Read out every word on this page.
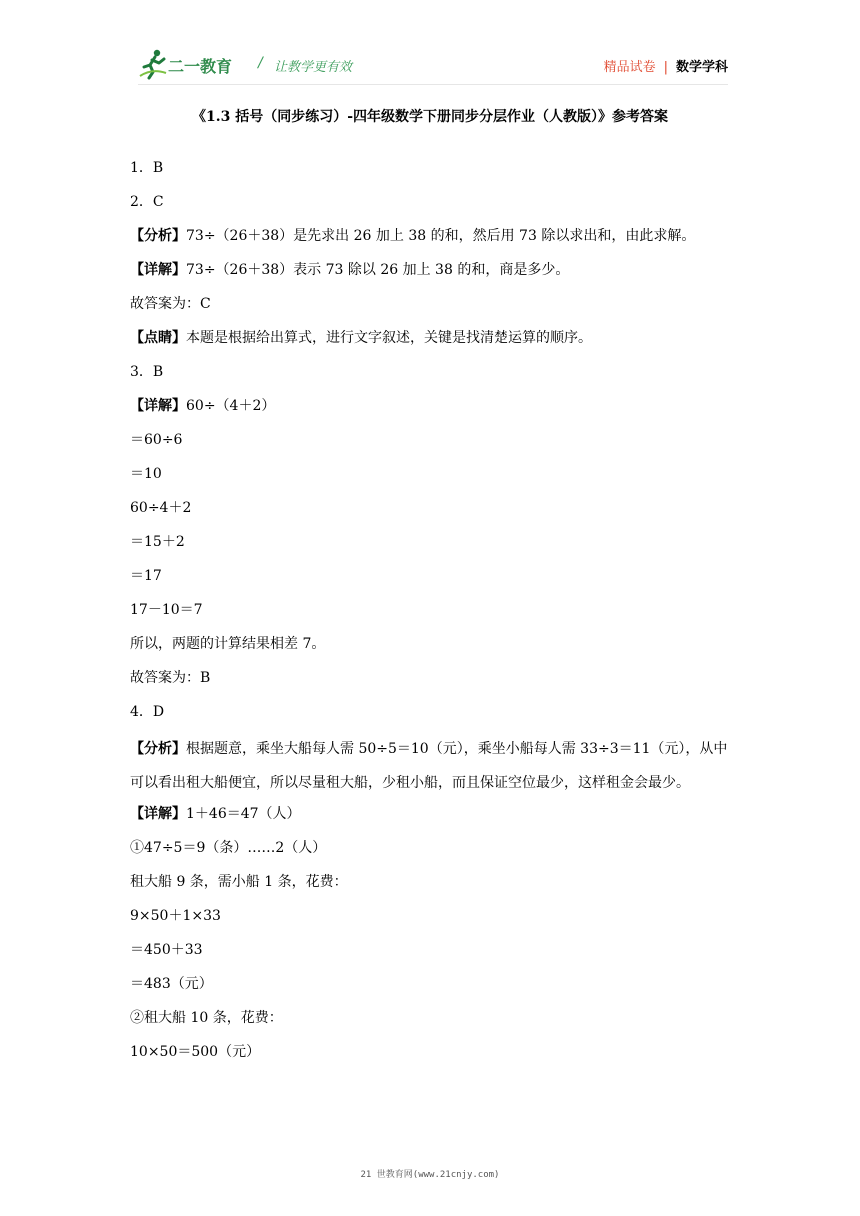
二一教育 / 让教学更有效	精品试卷 | 数学学科
《1.3 括号（同步练习）-四年级数学下册同步分层作业（人教版）》参考答案
1．B
2．C
【分析】73÷（26＋38）是先求出 26 加上 38 的和，然后用 73 除以求出和，由此求解。
【详解】73÷（26＋38）表示 73 除以 26 加上 38 的和，商是多少。
故答案为：C
【点睛】本题是根据给出算式，进行文字叙述，关键是找清楚运算的顺序。
3．B
【详解】60÷（4＋2）
＝60÷6
＝10
60÷4＋2
＝15＋2
＝17
17－10＝7
所以，两题的计算结果相差 7。
故答案为：B
4．D
【分析】根据题意，乘坐大船每人需 50÷5＝10（元），乘坐小船每人需 33÷3＝11（元），从中可以看出租大船便宜，所以尽量租大船，少租小船，而且保证空位最少，这样租金会最少。
【详解】1＋46＝47（人）
①47÷5＝9（条）……2（人）
租大船 9 条，需小船 1 条，花费：
9×50＋1×33
＝450＋33
＝483（元）
②租大船 10 条，花费：
10×50＝500（元）
21 世教育网(www.21cnjy.com)
